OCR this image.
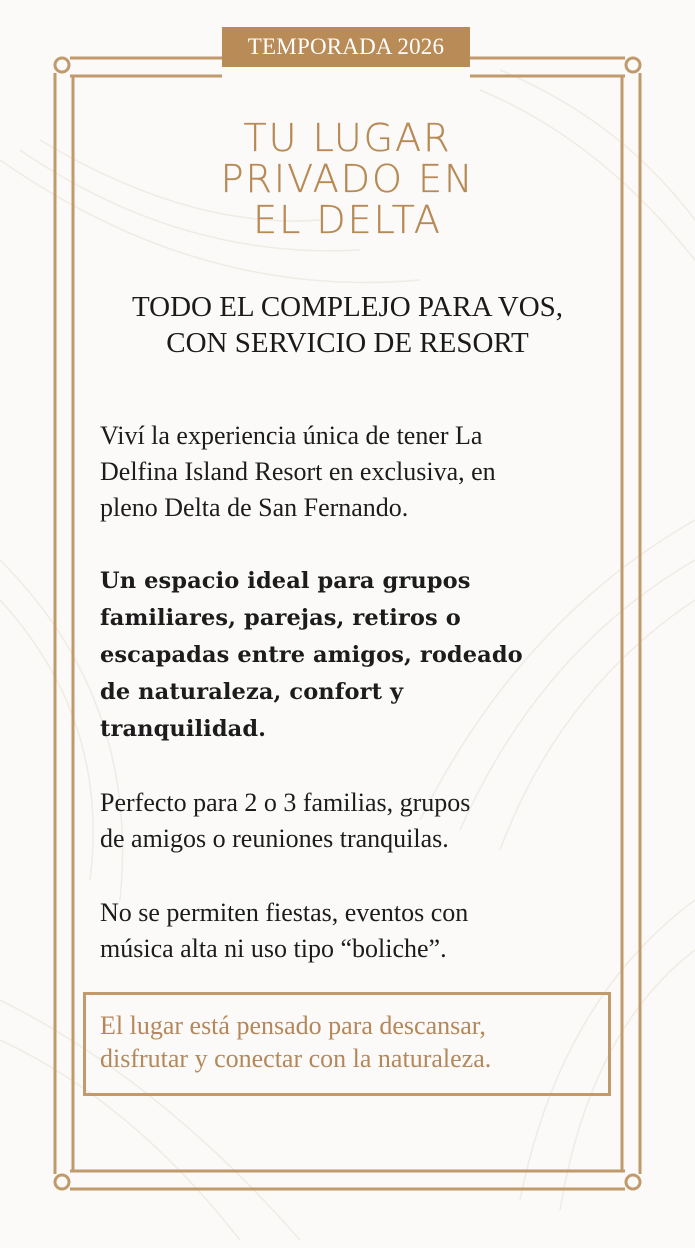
TEMPORADA 2026
TU LUGAR
PRIVADO EN
EL DELTA
TODO EL COMPLEJO PARA VOS,
CON SERVICIO DE RESORT
Viví la experiencia única de tener La
Delfina Island Resort en exclusiva, en
pleno Delta de San Fernando.
Un espacio ideal para grupos
familiares, parejas, retiros o
escapadas entre amigos, rodeado
de naturaleza, confort y
tranquilidad.
Perfecto para 2 o 3 familias, grupos
de amigos o reuniones tranquilas.
No se permiten fiestas, eventos con
música alta ni uso tipo “boliche”.
El lugar está pensado para descansar,
disfrutar y conectar con la naturaleza.
